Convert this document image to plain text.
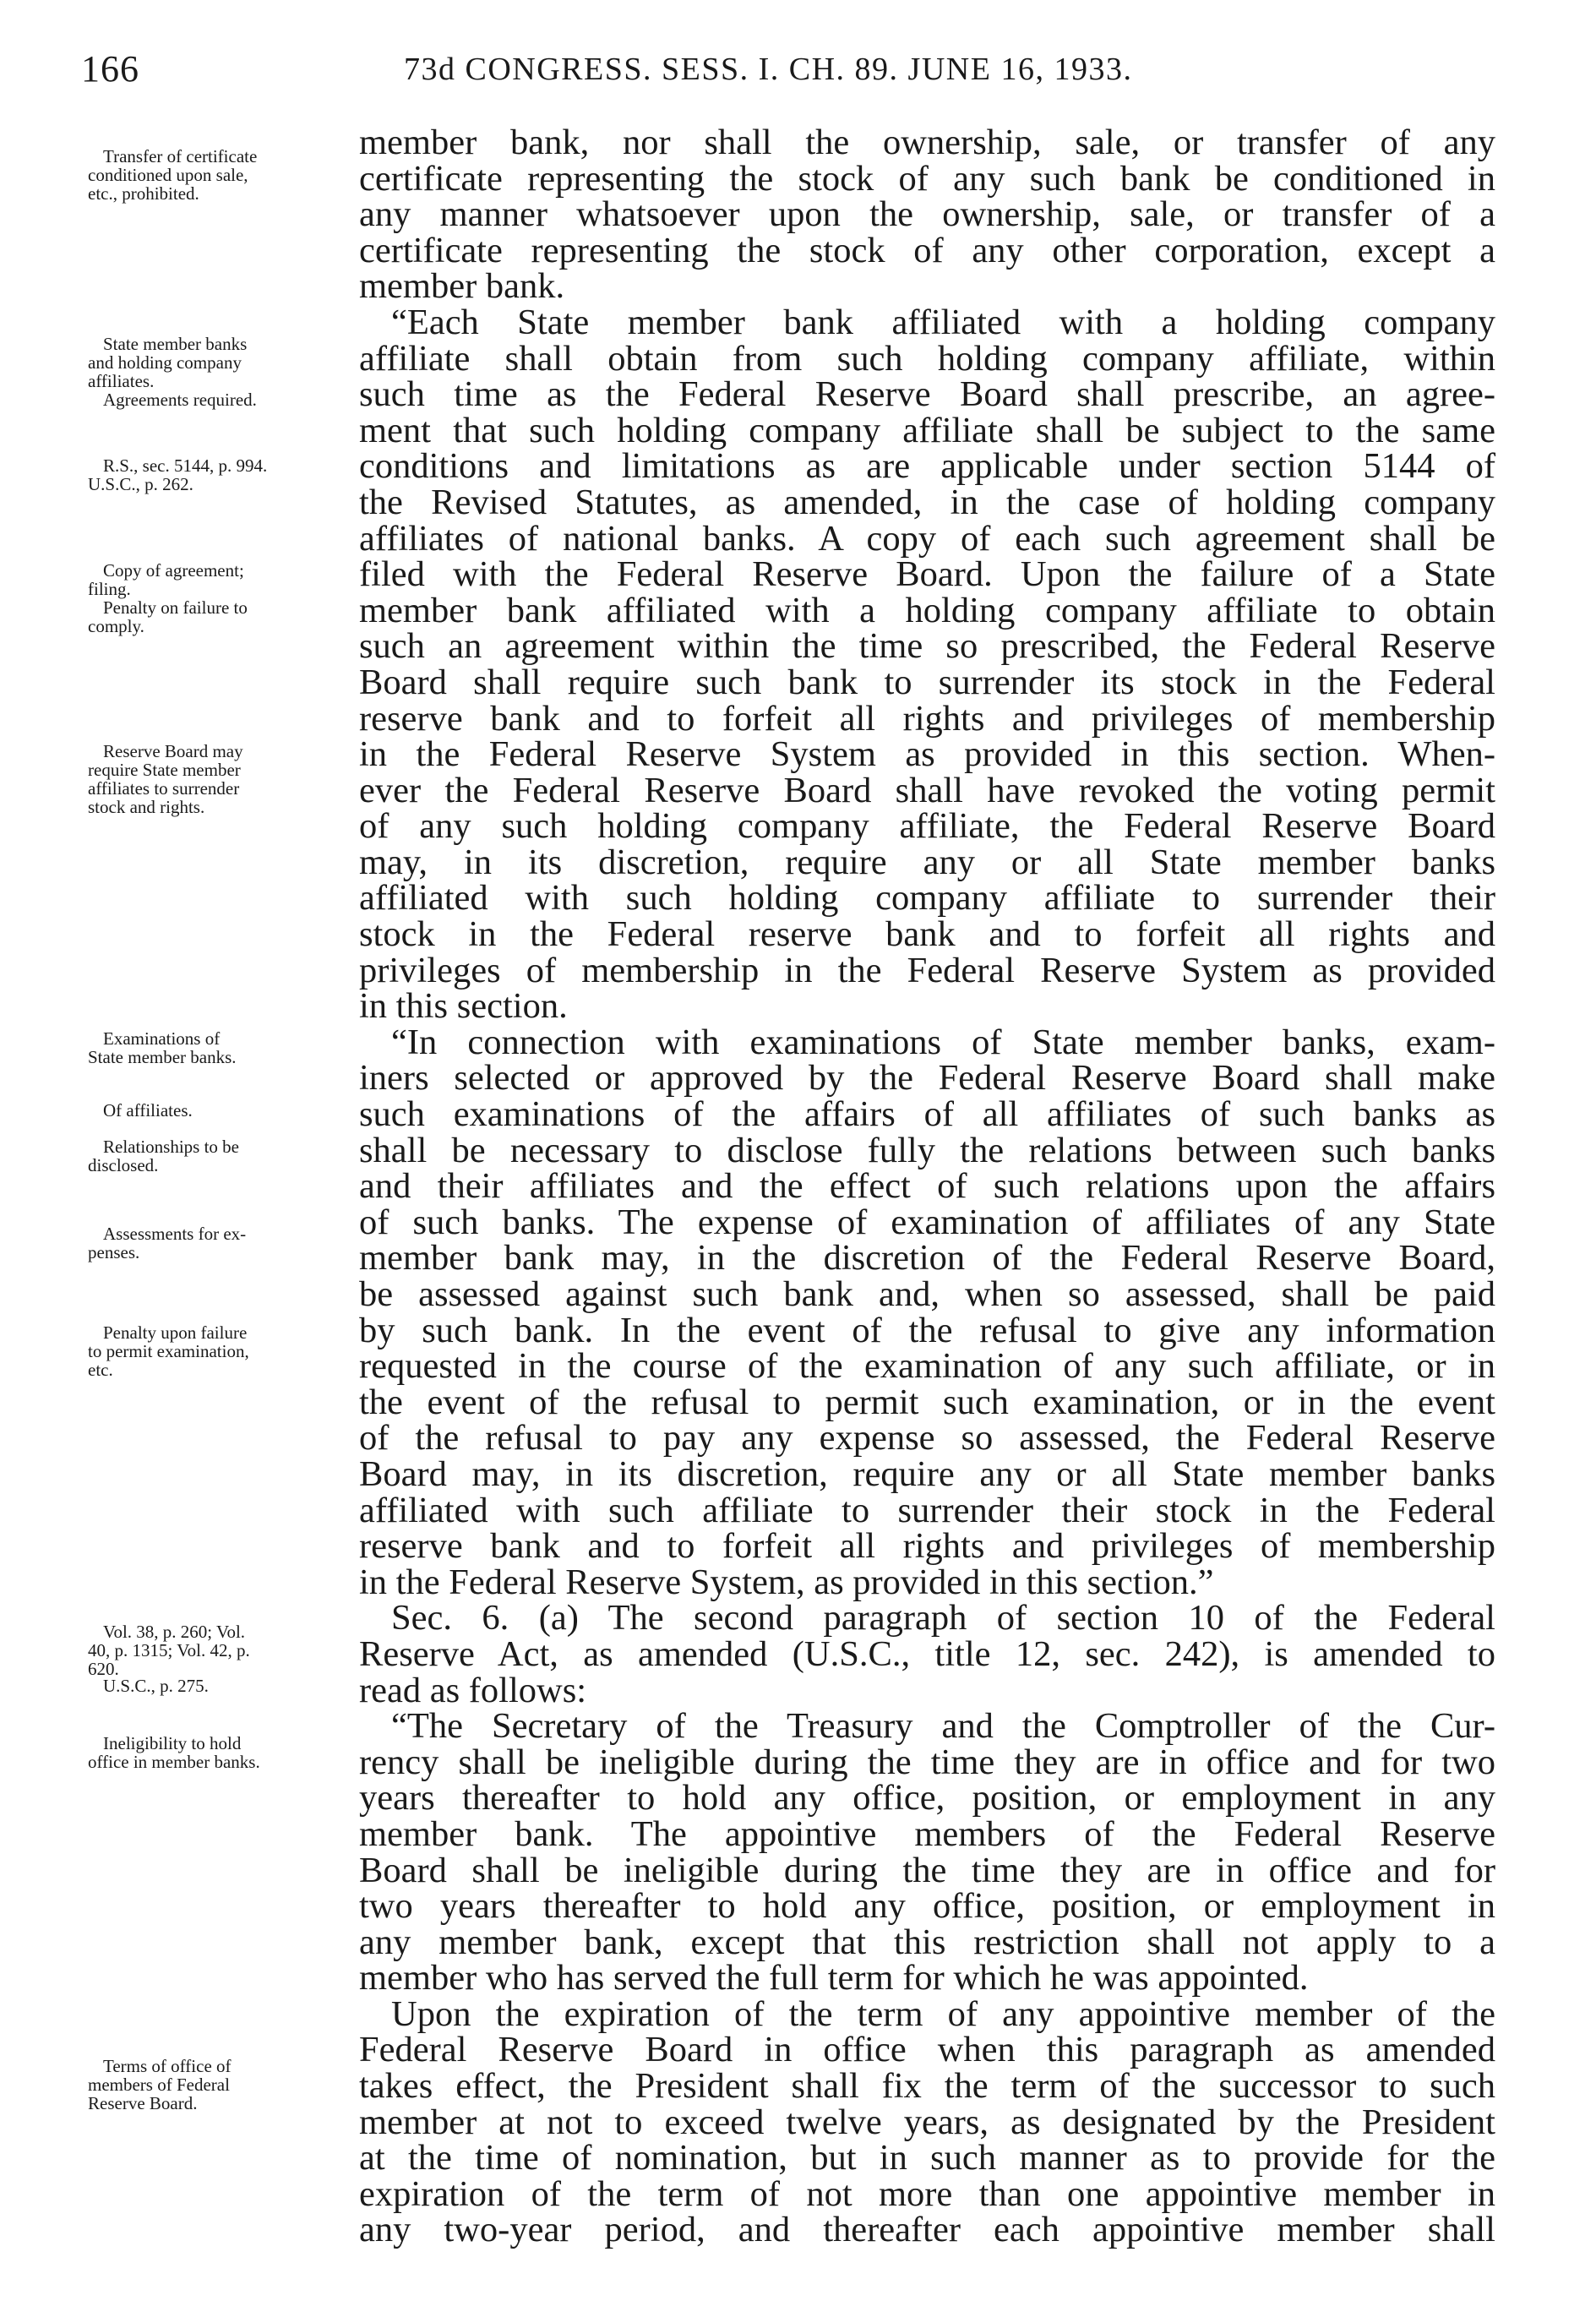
166	73d CONGRESS. SESS. I. CH. 89. JUNE 16, 1933.
Transfer of certificate
conditioned upon sale,
etc., prohibited.
State member banks
and holding company
affiliates.
Agreements required.
R.S., sec. 5144, p. 994.
U.S.C., p. 262.
Copy of agreement;
filing.
Penalty on failure to
comply.
Reserve Board may
require State member
affiliates to surrender
stock and rights.
Examinations of
State member banks.
Of affiliates.
Relationships to be
disclosed.
Assessments for ex-
penses.
Penalty upon failure
to permit examination,
etc.
Vol. 38, p. 260; Vol.
40, p. 1315; Vol. 42, p.
620.
U.S.C., p. 275.
Ineligibility to hold
office in member banks.
Terms of office of
members of Federal
Reserve Board.
member bank, nor shall the ownership, sale, or transfer of any
certificate representing the stock of any such bank be conditioned in
any manner whatsoever upon the ownership, sale, or transfer of a
certificate representing the stock of any other corporation, except a
member bank.
“Each State member bank affiliated with a holding company
affiliate shall obtain from such holding company affiliate, within
such time as the Federal Reserve Board shall prescribe, an agree-
ment that such holding company affiliate shall be subject to the same
conditions and limitations as are applicable under section 5144 of
the Revised Statutes, as amended, in the case of holding company
affiliates of national banks. A copy of each such agreement shall be
filed with the Federal Reserve Board. Upon the failure of a State
member bank affiliated with a holding company affiliate to obtain
such an agreement within the time so prescribed, the Federal Reserve
Board shall require such bank to surrender its stock in the Federal
reserve bank and to forfeit all rights and privileges of membership
in the Federal Reserve System as provided in this section. When-
ever the Federal Reserve Board shall have revoked the voting permit
of any such holding company affiliate, the Federal Reserve Board
may, in its discretion, require any or all State member banks
affiliated with such holding company affiliate to surrender their
stock in the Federal reserve bank and to forfeit all rights and
privileges of membership in the Federal Reserve System as provided
in this section.
“In connection with examinations of State member banks, exam-
iners selected or approved by the Federal Reserve Board shall make
such examinations of the affairs of all affiliates of such banks as
shall be necessary to disclose fully the relations between such banks
and their affiliates and the effect of such relations upon the affairs
of such banks. The expense of examination of affiliates of any State
member bank may, in the discretion of the Federal Reserve Board,
be assessed against such bank and, when so assessed, shall be paid
by such bank. In the event of the refusal to give any information
requested in the course of the examination of any such affiliate, or in
the event of the refusal to permit such examination, or in the event
of the refusal to pay any expense so assessed, the Federal Reserve
Board may, in its discretion, require any or all State member banks
affiliated with such affiliate to surrender their stock in the Federal
reserve bank and to forfeit all rights and privileges of membership
in the Federal Reserve System, as provided in this section.”
Sec. 6. (a) The second paragraph of section 10 of the Federal
Reserve Act, as amended (U.S.C., title 12, sec. 242), is amended to
read as follows:
“The Secretary of the Treasury and the Comptroller of the Cur-
rency shall be ineligible during the time they are in office and for two
years thereafter to hold any office, position, or employment in any
member bank. The appointive members of the Federal Reserve
Board shall be ineligible during the time they are in office and for
two years thereafter to hold any office, position, or employment in
any member bank, except that this restriction shall not apply to a
member who has served the full term for which he was appointed.
Upon the expiration of the term of any appointive member of the
Federal Reserve Board in office when this paragraph as amended
takes effect, the President shall fix the term of the successor to such
member at not to exceed twelve years, as designated by the President
at the time of nomination, but in such manner as to provide for the
expiration of the term of not more than one appointive member in
any two-year period, and thereafter each appointive member shall
